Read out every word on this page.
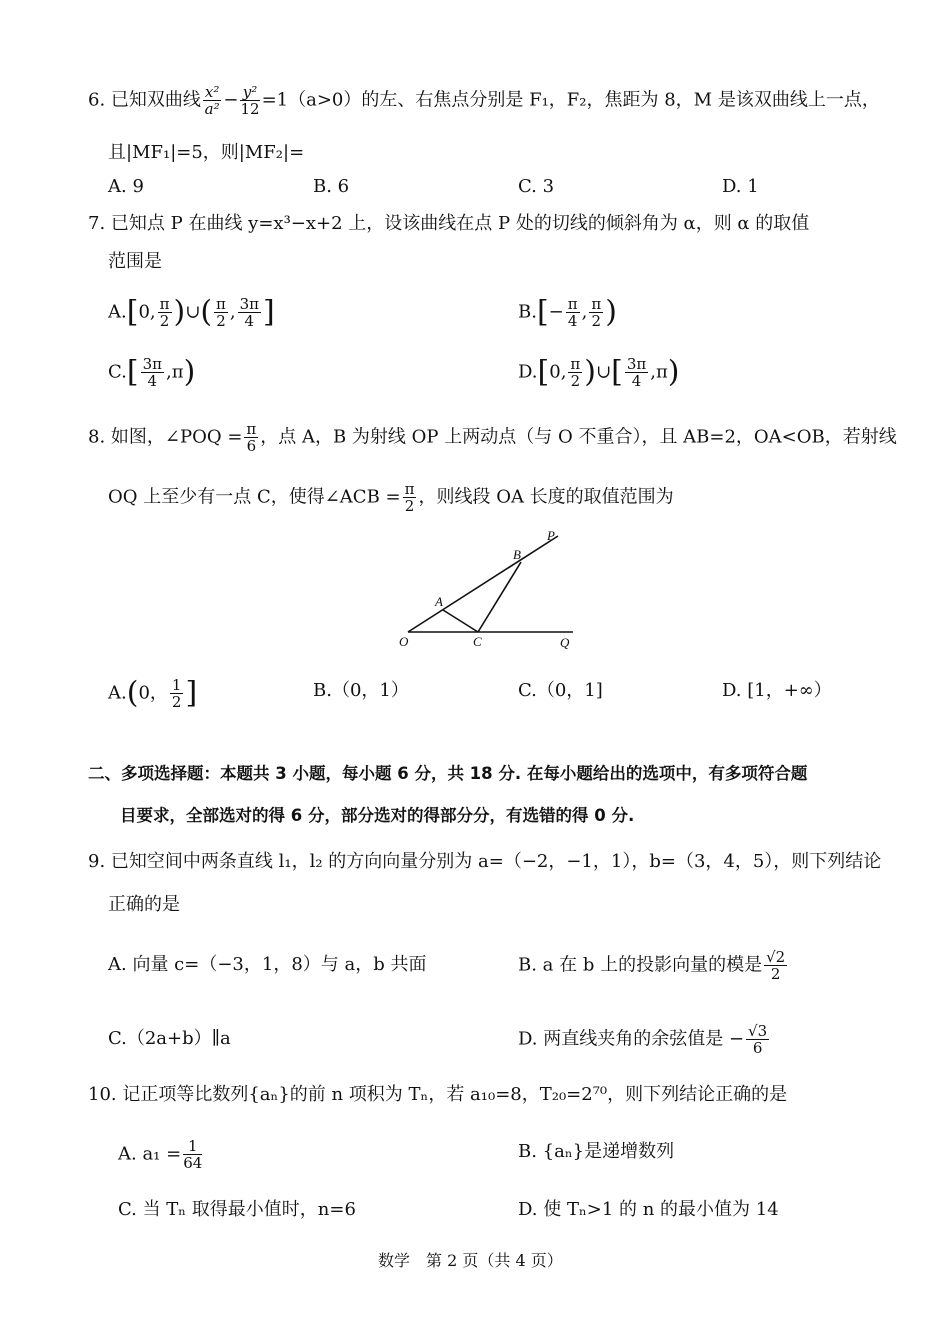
6. 已知双曲线 $\frac{\text{x²}}{\text{a²}} - \frac{\text{y²}}{12} =1(a>0)$的左、右焦点分别是 F₁，F₂，焦距为 8，M 是该双曲线上一点，
且|MF₁|=5，则|MF₂|=
A. 9	B. 6	C. 3	D. 1
7. 已知点 P 在曲线 y=x³−x+2 上，设该曲线在点 P 处的切线的倾斜角为 α，则 α 的取值
范围是
A.[0, $\frac{\pi}{2}$ )∪( $\frac{\pi}{2}$ , $\frac{3\pi}{4}$ ]	$B.[- \frac{\pi}{4}$ , $\frac{\pi}{2}$ )
$C.[ \frac{3\pi}{4} ,\pi)$	D.[0, $\frac{\pi}{2}$ )∪[ $\frac{3\pi}{4} ,\pi$)
8. 如图，∠POQ = $\frac{\pi}{6}$ ，点 A，B 为射线 OP 上两动点（与 O 不重合），且 AB=2，OA<OB，若射线
OQ 上至少有一点 C，使得∠ACB = $\frac{\pi}{2}$ ，则线段 OA 长度的取值范围为
P
B
A
O	C	Q
A.(0， $\frac{1}{2}$ ]	B.（0，1）	C.（0，1]	D. [1，+∞）
二、多项选择题：本题共 3 小题，每小题 6 分，共 18 分. 在每小题给出的选项中，有多项符合题
目要求，全部选对的得 6 分，部分选对的得部分分，有选错的得 0 分.
9. 已知空间中两条直线 l₁，l₂ 的方向向量分别为 a=（−2，−1，1），b=（3，4，5），则下列结论
正确的是
A. 向量 c=（−3，1，8）与 a，b 共面	B. a 在 b 上的投影向量的模是 $\frac{√2}{2}$
C.（2a+b）∥a	D. 两直线夹角的余弦值是 − $\frac{√3}{6}$
10. 记正项等比数列{aₙ}的前 n 项积为 Tₙ，若 a₁₀=8，T₂₀=2⁷⁰，则下列结论正确的是
A. $a_1 = \frac{1}{64}$	B. {aₙ}是递增数列
C. 当 Tₙ 取得最小值时，n=6	D. 使 Tₙ>1 的 n 的最小值为 14
数学　第 2 页（共 4 页）
